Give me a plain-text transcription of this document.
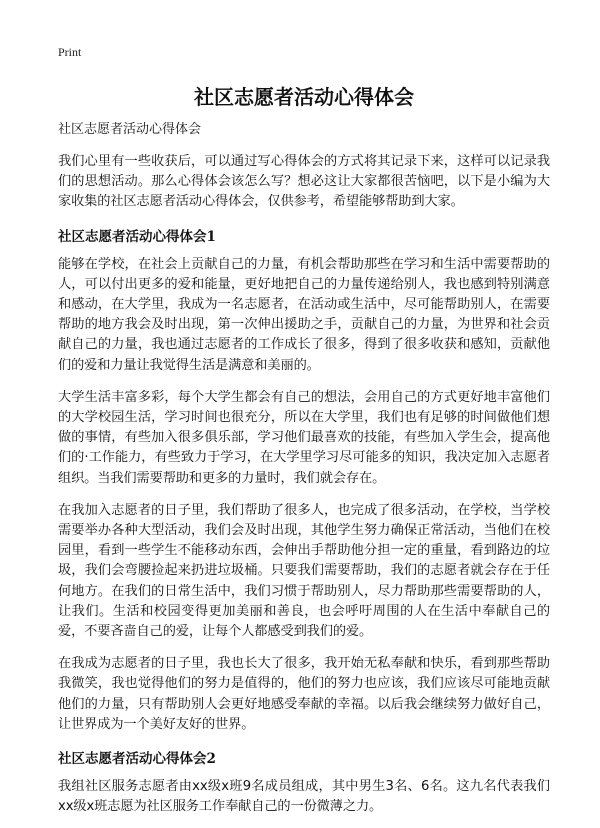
Print

社区志愿者活动心得体会

社区志愿者活动心得体会

我们心里有一些收获后，可以通过写心得体会的方式将其记录下来，这样可以记录我们的思想活动。那么心得体会该怎么写？想必这让大家都很苦恼吧，以下是小编为大家收集的社区志愿者活动心得体会，仅供参考，希望能够帮助到大家。

社区志愿者活动心得体会1

能够在学校，在社会上贡献自己的力量，有机会帮助那些在学习和生活中需要帮助的人，可以付出更多的爱和能量，更好地把自己的力量传递给别人，我也感到特别满意和感动，在大学里，我成为一名志愿者，在活动或生活中，尽可能帮助别人，在需要帮助的地方我会及时出现，第一次伸出援助之手，贡献自己的力量，为世界和社会贡献自己的力量，我也通过志愿者的工作成长了很多，得到了很多收获和感知，贡献他们的爱和力量让我觉得生活是满意和美丽的。

大学生活丰富多彩，每个大学生都会有自己的想法，会用自己的方式更好地丰富他们的大学校园生活，学习时间也很充分，所以在大学里，我们也有足够的时间做他们想做的事情，有些加入很多俱乐部，学习他们最喜欢的技能，有些加入学生会，提高他们的·工作能力，有些致力于学习，在大学里学习尽可能多的知识，我决定加入志愿者组织。当我们需要帮助和更多的力量时，我们就会存在。

在我加入志愿者的日子里，我们帮助了很多人，也完成了很多活动，在学校，当学校需要举办各种大型活动，我们会及时出现，其他学生努力确保正常活动，当他们在校园里，看到一些学生不能移动东西，会伸出手帮助他分担一定的重量，看到路边的垃圾，我们会弯腰捡起来扔进垃圾桶。只要我们需要帮助，我们的志愿者就会存在于任何地方。在我们的日常生活中，我们习惯于帮助别人，尽力帮助那些需要帮助的人，让我们。生活和校园变得更加美丽和善良，也会呼吁周围的人在生活中奉献自己的爱，不要吝啬自己的爱，让每个人都感受到我们的爱。

在我成为志愿者的日子里，我也长大了很多，我开始无私奉献和快乐，看到那些帮助我微笑，我也觉得他们的努力是值得的，他们的努力也应该，我们应该尽可能地贡献他们的力量，只有帮助别人会更好地感受奉献的幸福。以后我会继续努力做好自己，让世界成为一个美好友好的世界。

社区志愿者活动心得体会2

我组社区服务志愿者由xx级x班9名成员组成，其中男生3名、6名。这九名代表我们xx级x班志愿为社区服务工作奉献自己的一份微薄之力。
